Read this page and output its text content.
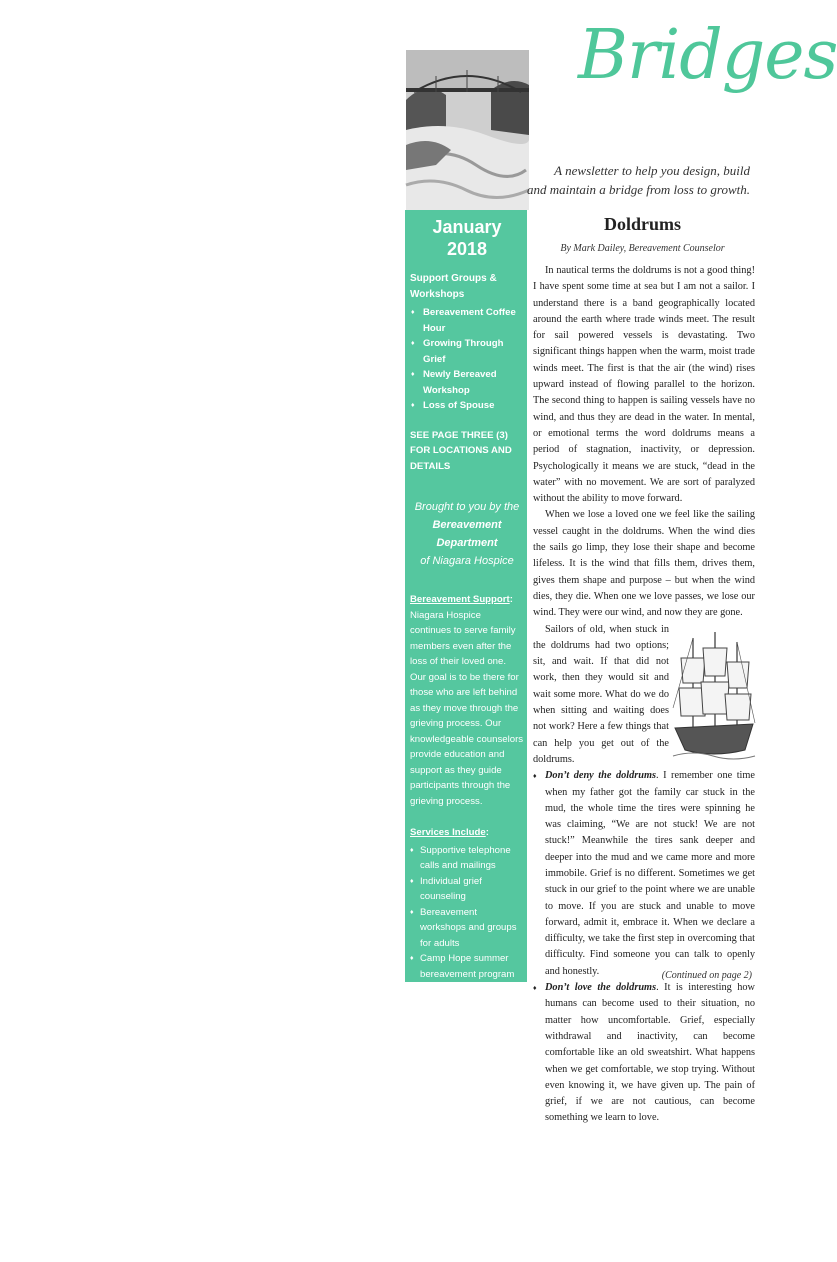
Bridges
A newsletter to help you design, build
and maintain a bridge from loss to growth.
January 2018
Support Groups & Workshops
♦ Bereavement Coffee Hour
♦ Growing Through Grief
♦ Newly Bereaved Workshop
♦ Loss of Spouse
SEE PAGE THREE (3) FOR LOCATIONS AND DETAILS
Brought to you by the
Bereavement Department
of Niagara Hospice
Bereavement Support: Niagara Hospice continues to serve family members even after the loss of their loved one. Our goal is to be there for those who are left behind as they move through the grieving process. Our knowledgeable counselors provide education and support as they guide participants through the grieving process.
Services Include:
♦ Supportive telephone calls and mailings
♦ Individual grief counseling
♦ Bereavement workshops and groups for adults
♦ Camp Hope summer bereavement program for children
♦ Memorial events throughout the year
♦ Healing Words Grief Library
♦ Information and referral services
♦ Bridges monthly newsletter
Please note: Our services are designed for bereavement education and support. They are NOT meant to replace or mitigate mental health counseling or psychotherapy.
Doldrums
By Mark Dailey, Bereavement Counselor

In nautical terms the doldrums is not a good thing! I have spent some time at sea but I am not a sailor. I understand there is a band geographically located around the earth where trade winds meet. The result for sail powered vessels is devastating. Two significant things happen when the warm, moist trade winds meet. The first is that the air (the wind) rises upward instead of flowing parallel to the horizon. The second thing to happen is sailing vessels have no wind, and thus they are dead in the water. In mental, or emotional terms the word doldrums means a period of stagnation, inactivity, or depression. Psychologically it means we are stuck, “dead in the water” with no movement. We are sort of paralyzed without the ability to move forward.

When we lose a loved one we feel like the sailing vessel caught in the doldrums. When the wind dies the sails go limp, they lose their shape and become lifeless. It is the wind that fills them, drives them, gives them shape and purpose – but when the wind dies, they die. When one we love passes, we lose our wind. They were our wind, and now they are gone.

Sailors of old, when stuck in the doldrums had two options; sit, and wait. If that did not work, then they would sit and wait some more. What do we do when sitting and waiting does not work? Here a few things that can help you get out of the doldrums.

♦ Don’t deny the doldrums. I remember one time when my father got the family car stuck in the mud, the whole time the tires were spinning he was claiming, “We are not stuck! We are not stuck!” Meanwhile the tires sank deeper and deeper into the mud and we came more and more immobile. Grief is no different. Sometimes we get stuck in our grief to the point where we are unable to move. If you are stuck and unable to move forward, admit it, embrace it. When we declare a difficulty, we take the first step in overcoming that difficulty. Find someone you can talk to openly and honestly.
♦ Don’t love the doldrums. It is interesting how humans can become used to their situation, no matter how uncomfortable. Grief, especially withdrawal and inactivity, can become comfortable like an old sweatshirt. What happens when we get comfortable, we stop trying. Without even knowing it, we have given up. The pain of grief, if we are not cautious, can become something we learn to love.
(Continued on page 2)
